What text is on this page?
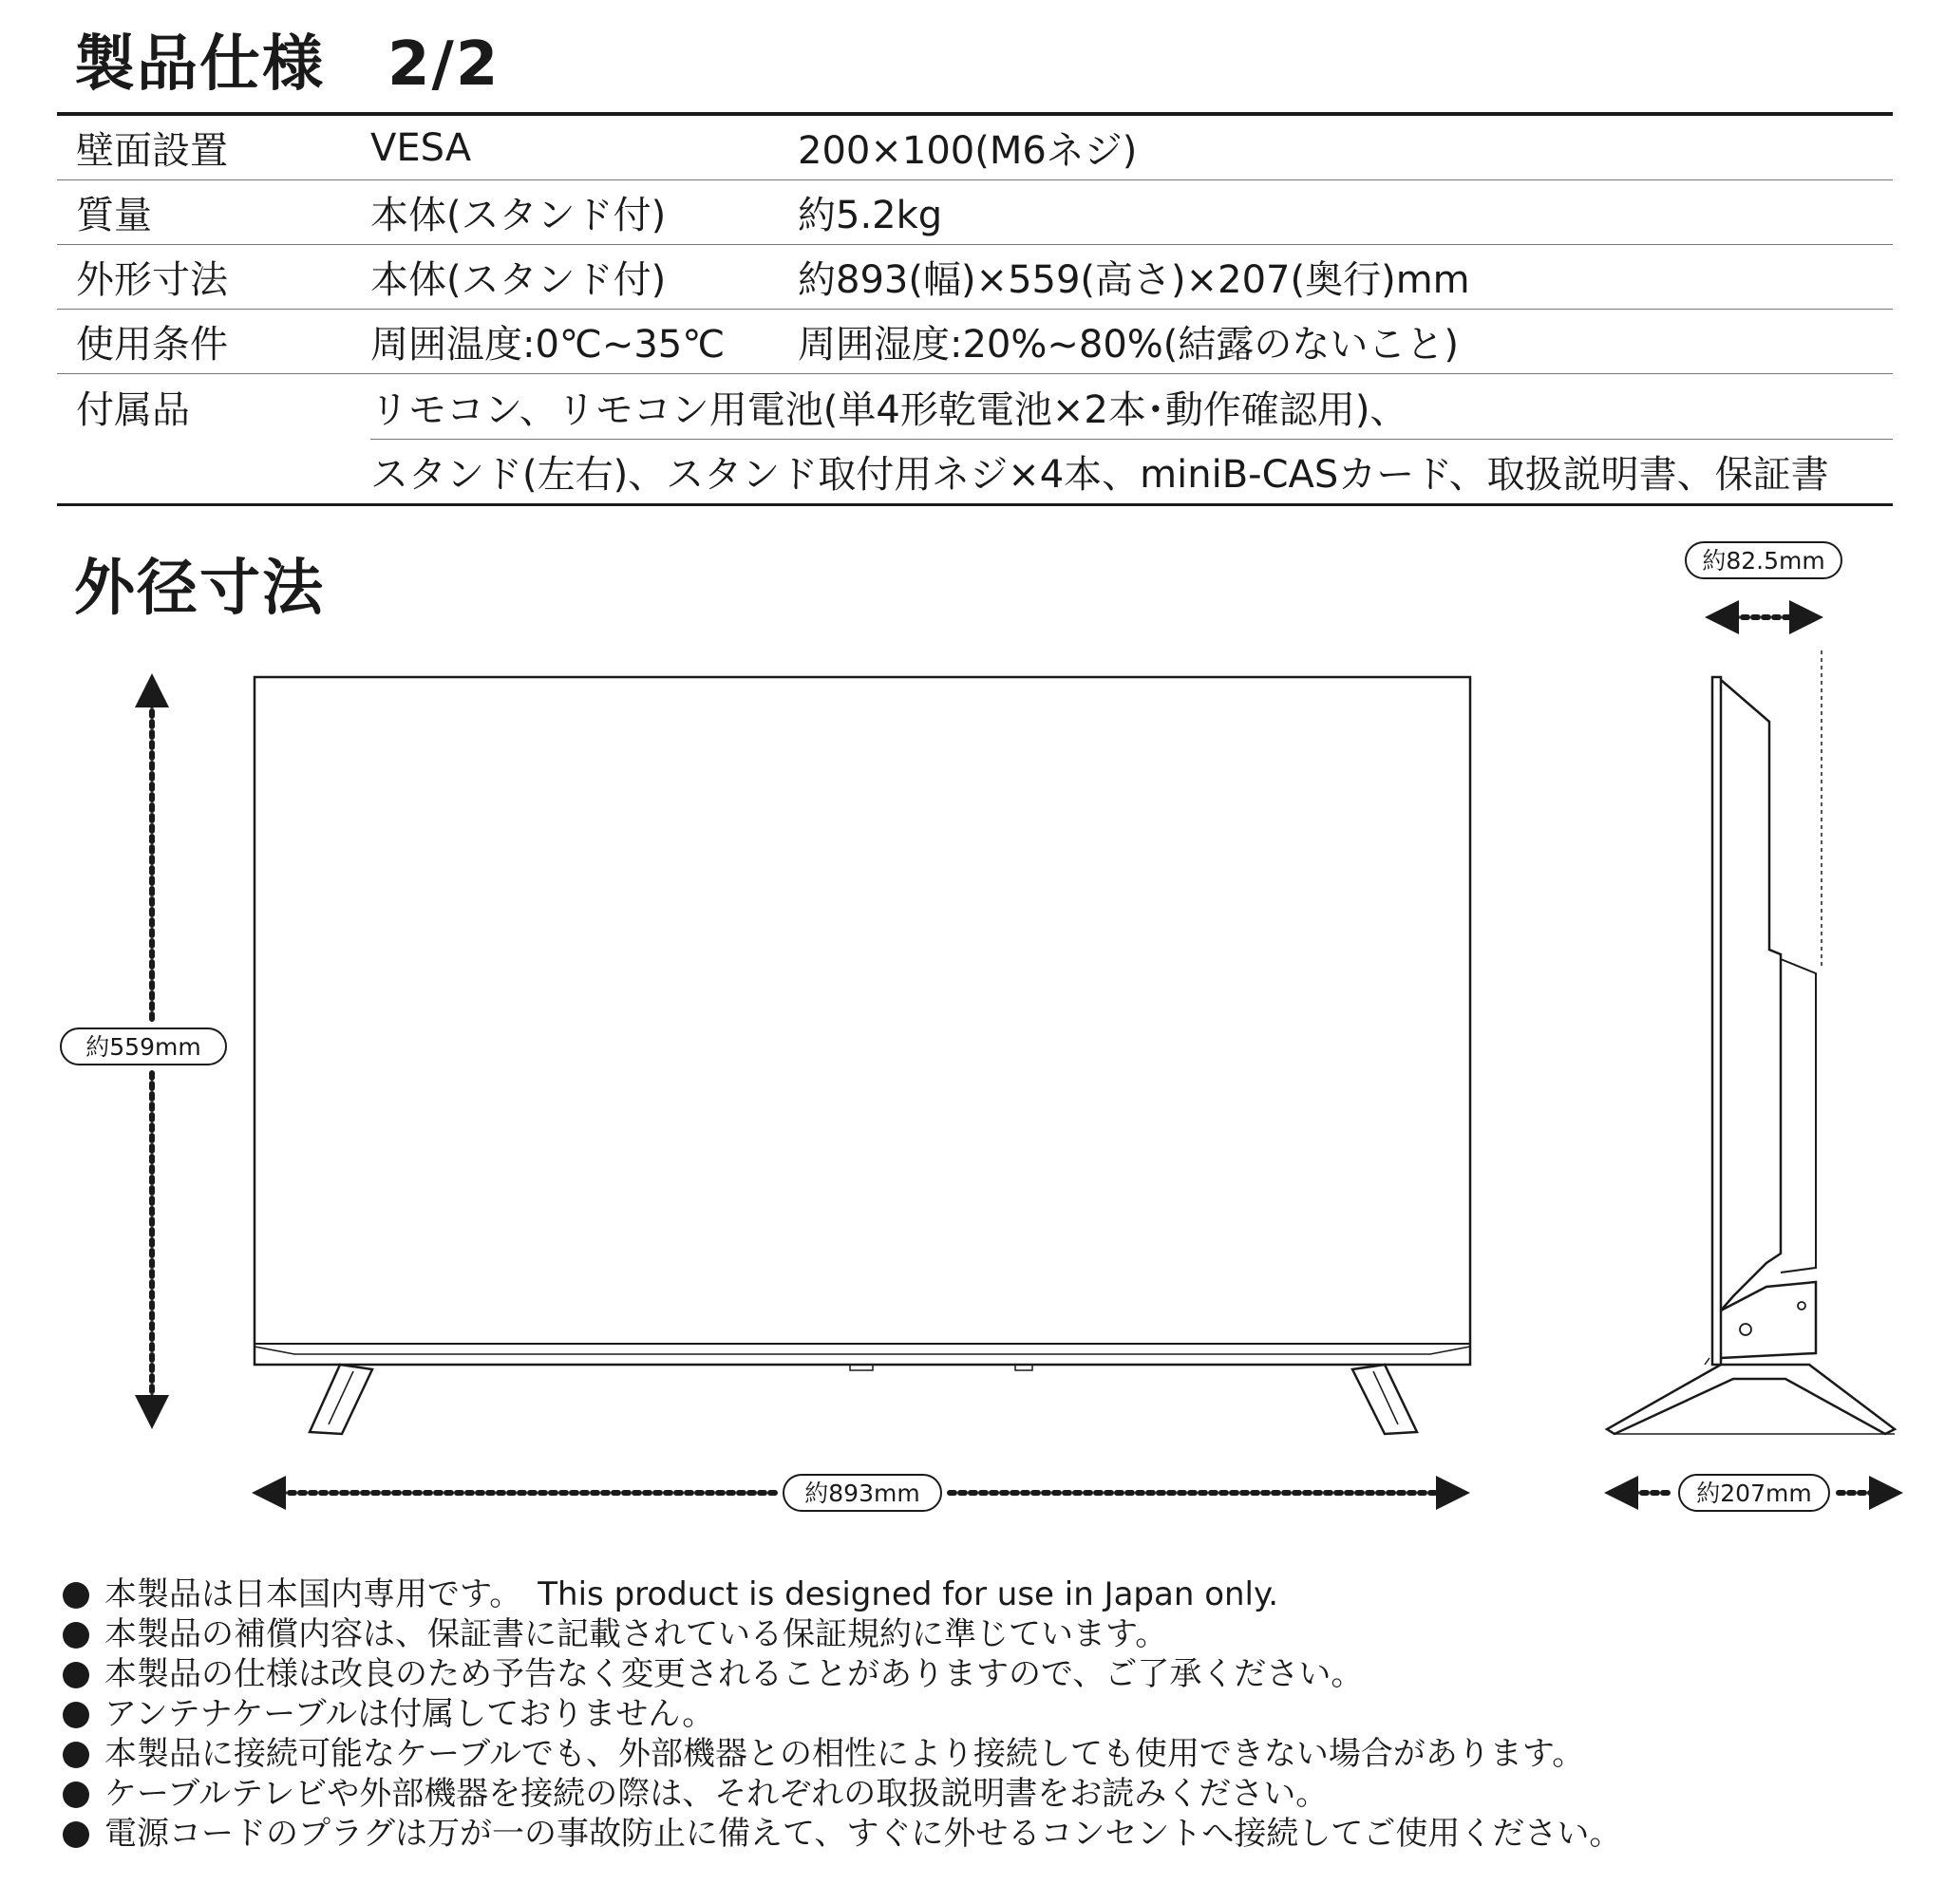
製品仕様　2/2
壁面設置	VESA	200×100(M6ネジ)
質量	本体(スタンド付)	約5.2kg
外形寸法	本体(スタンド付)	約893(幅)×559(高さ)×207(奥行)mm
使用条件	周囲温度:0℃~35℃	周囲湿度:20%~80%(結露のないこと)
付属品	リモコン、リモコン用電池(単4形乾電池×2本･動作確認用)、
スタンド(左右)、スタンド取付用ネジ×4本、miniB-CASカード、取扱説明書、保証書
外径寸法
約559mm
約893mm
約82.5mm
約207mm
本製品は日本国内専用です。　This product is designed for use in Japan only.
本製品の補償内容は、保証書に記載されている保証規約に準じています。
本製品の仕様は改良のため予告なく変更されることがありますので、ご了承ください。
アンテナケーブルは付属しておりません。
本製品に接続可能なケーブルでも、外部機器との相性により接続しても使用できない場合があります。
ケーブルテレビや外部機器を接続の際は、それぞれの取扱説明書をお読みください。
電源コードのプラグは万が一の事故防止に備えて、すぐに外せるコンセントへ接続してご使用ください。
